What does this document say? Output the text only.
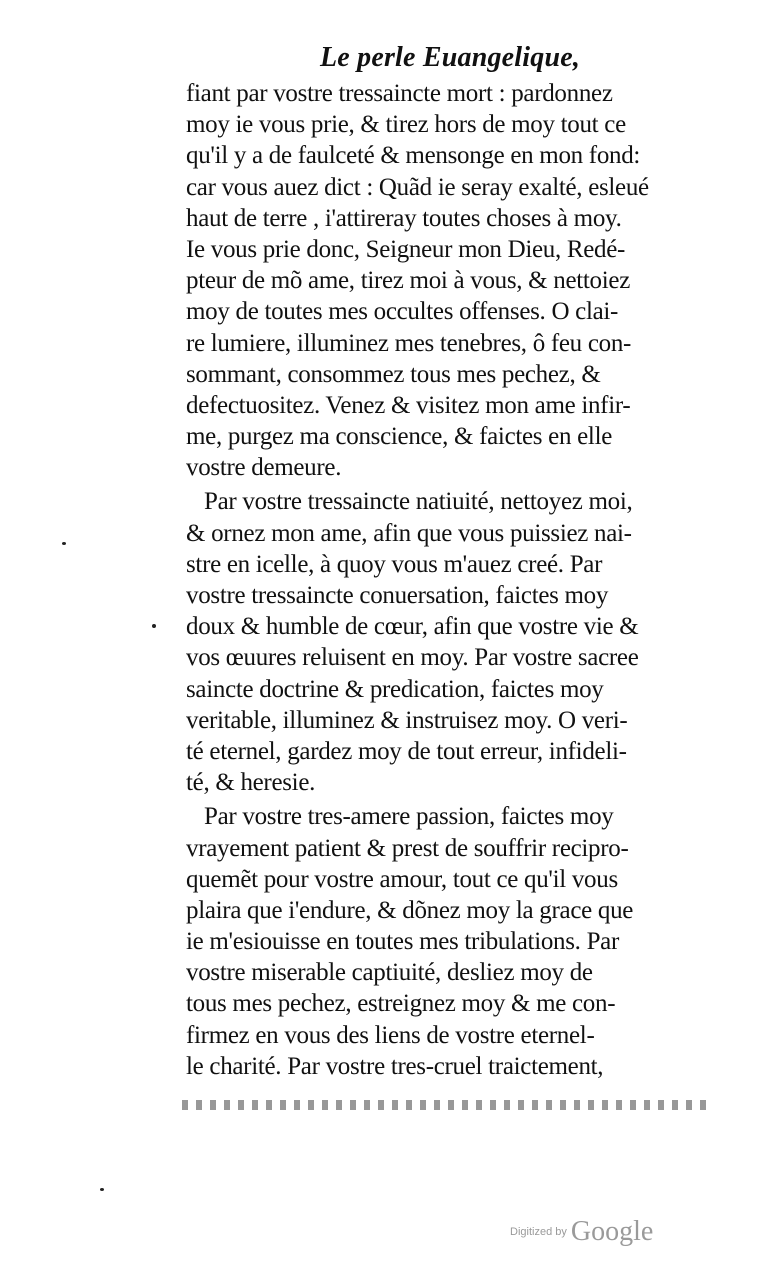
Le perle Euangelique,
fiant par vostre tressaincte mort : pardonnez
moy ie vous prie, & tirez hors de moy tout ce
qu'il y a de faulceté & mensonge en mon fond:
car vous auez dict : Quãd ie seray exalté, esleué
haut de terre , i'attireray toutes choses à moy.
Ie vous prie donc, Seigneur mon Dieu, Redé-
pteur de mõ ame, tirez moi à vous, & nettoiez
moy de toutes mes occultes offenses. O clai-
re lumiere, illuminez mes tenebres, ô feu con-
sommant, consommez tous mes pechez, &
defectuositez. Venez & visitez mon ame infir-
me, purgez ma conscience, & faictes en elle
vostre demeure.
Par vostre tressaincte natiuité, nettoyez moi,
& ornez mon ame, afin que vous puissiez nai-
stre en icelle, à quoy vous m'auez creé. Par
vostre tressaincte conuersation, faictes moy
doux & humble de cœur, afin que vostre vie &
vos œuures reluisent en moy. Par vostre sacree
saincte doctrine & predication, faictes moy
veritable, illuminez & instruisez moy. O veri-
té eternel, gardez moy de tout erreur, infideli-
té, & heresie.
Par vostre tres-amere passion, faictes moy
vrayement patient & prest de souffrir recipro-
quemẽt pour vostre amour, tout ce qu'il vous
plaira que i'endure, & dõnez moy la grace que
ie m'esiouisse en toutes mes tribulations. Par
vostre miserable captiuité, desliez moy de
tous mes pechez, estreignez moy & me con-
firmez en vous des liens de vostre eternel-
le charité. Par vostre tres-cruel traictement,
Digitized by Google
